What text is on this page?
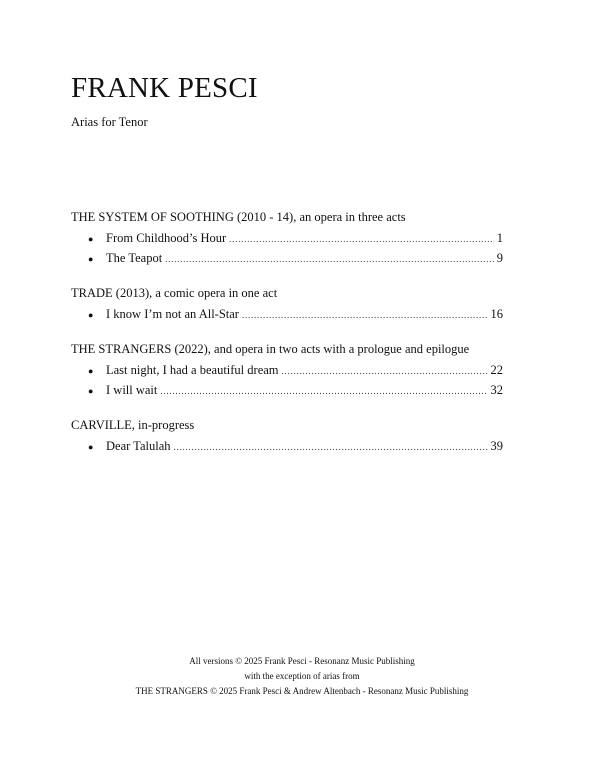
FRANK PESCI
Arias for Tenor
THE SYSTEM OF SOOTHING (2010 - 14), an opera in three acts
●	From Childhood’s Hour . . .	1
●	The Teapot . . .	9
TRADE (2013), a comic opera in one act
●	I know I’m not an All-Star . . .	16
THE STRANGERS (2022), and opera in two acts with a prologue and epilogue
●	Last night, I had a beautiful dream . . .	22
●	I will wait . . .	32
CARVILLE, in-progress
●	Dear Talulah . . .	39
All versions © 2025 Frank Pesci - Resonanz Music Publishing
with the exception of arias from
THE STRANGERS © 2025 Frank Pesci & Andrew Altenbach - Resonanz Music Publishing
